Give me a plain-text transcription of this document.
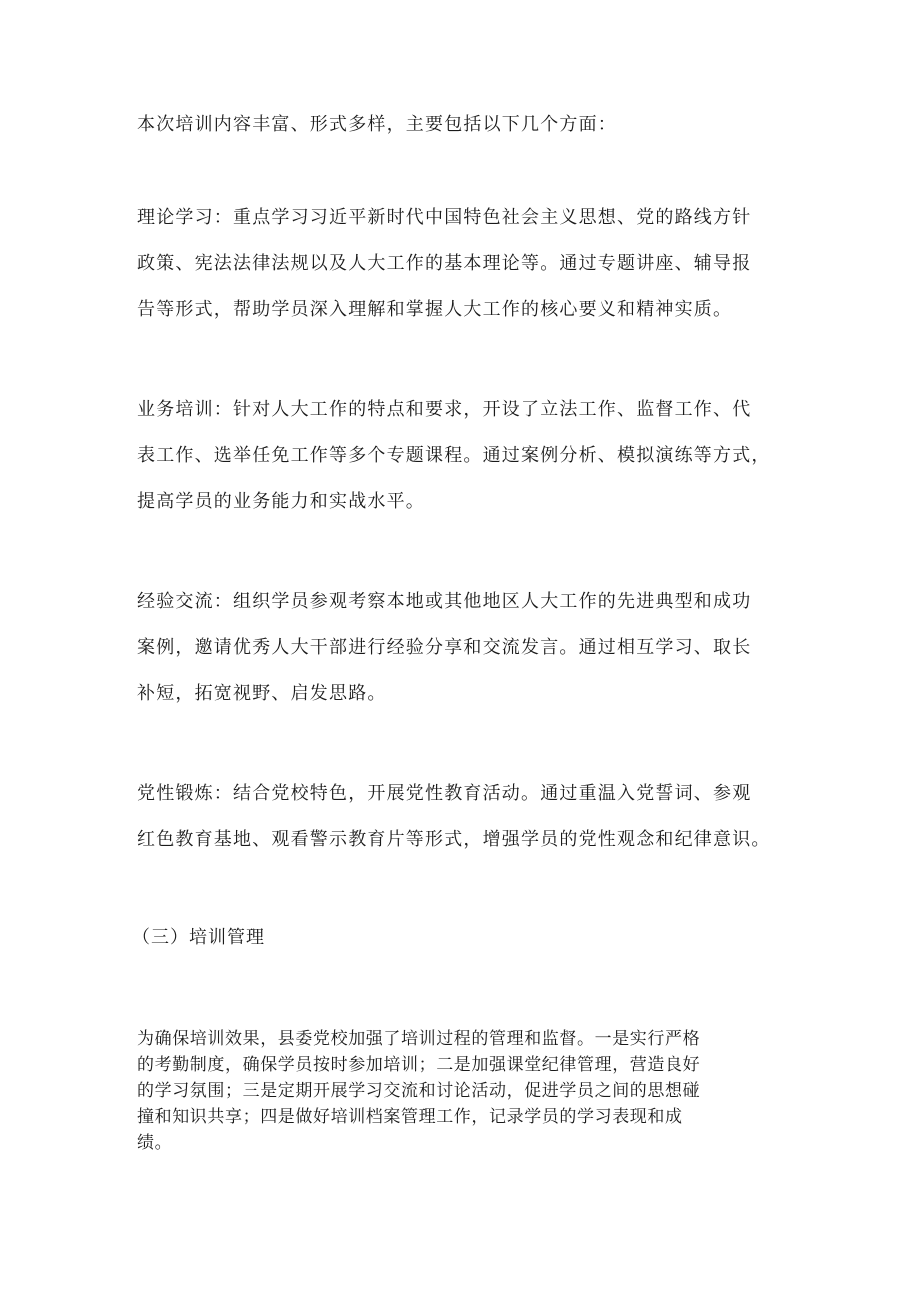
本次培训内容丰富、形式多样，主要包括以下几个方面：

理论学习：重点学习习近平新时代中国特色社会主义思想、党的路线方针
政策、宪法法律法规以及人大工作的基本理论等。通过专题讲座、辅导报
告等形式，帮助学员深入理解和掌握人大工作的核心要义和精神实质。

业务培训：针对人大工作的特点和要求，开设了立法工作、监督工作、代
表工作、选举任免工作等多个专题课程。通过案例分析、模拟演练等方式，
提高学员的业务能力和实战水平。

经验交流：组织学员参观考察本地或其他地区人大工作的先进典型和成功
案例，邀请优秀人大干部进行经验分享和交流发言。通过相互学习、取长
补短，拓宽视野、启发思路。

党性锻炼：结合党校特色，开展党性教育活动。通过重温入党誓词、参观
红色教育基地、观看警示教育片等形式，增强学员的党性观念和纪律意识。

（三）培训管理

为确保培训效果，县委党校加强了培训过程的管理和监督。一是实行严格
的考勤制度，确保学员按时参加培训；二是加强课堂纪律管理，营造良好
的学习氛围；三是定期开展学习交流和讨论活动，促进学员之间的思想碰
撞和知识共享；四是做好培训档案管理工作，记录学员的学习表现和成
绩。
